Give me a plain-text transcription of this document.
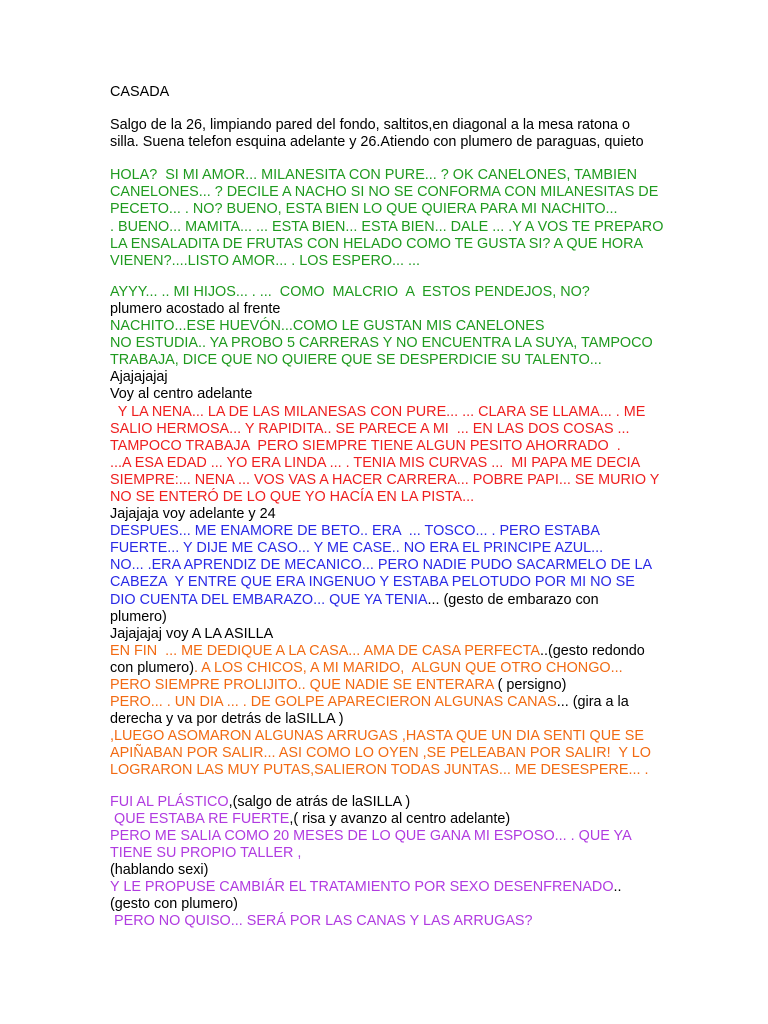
CASADA
Salgo de la 26, limpiando pared del fondo, saltitos,en diagonal a la mesa ratona o
silla. Suena telefon esquina adelante y 26.Atiendo con plumero de paraguas, quieto
HOLA?  SI MI AMOR... MILANESITA CON PURE... ? OK CANELONES, TAMBIEN
CANELONES... ? DECILE A NACHO SI NO SE CONFORMA CON MILANESITAS DE
PECETO... . NO? BUENO, ESTA BIEN LO QUE QUIERA PARA MI NACHITO...
. BUENO... MAMITA... ... ESTA BIEN... ESTA BIEN... DALE ... .Y A VOS TE PREPARO
LA ENSALADITA DE FRUTAS CON HELADO COMO TE GUSTA SI? A QUE HORA
VIENEN?....LISTO AMOR... . LOS ESPERO... ...
AYYY... .. MI HIJOS... . ...  COMO  MALCRIO  A  ESTOS PENDEJOS, NO?
plumero acostado al frente
NACHITO...ESE HUEVÓN...COMO LE GUSTAN MIS CANELONES
NO ESTUDIA.. YA PROBO 5 CARRERAS Y NO ENCUENTRA LA SUYA, TAMPOCO
TRABAJA, DICE QUE NO QUIERE QUE SE DESPERDICIE SU TALENTO...
Ajajajajaj
Voy al centro adelante
Y LA NENA... LA DE LAS MILANESAS CON PURE... ... CLARA SE LLAMA... . ME
SALIO HERMOSA... Y RAPIDITA.. SE PARECE A MI  ... EN LAS DOS COSAS ...
TAMPOCO TRABAJA  PERO SIEMPRE TIENE ALGUN PESITO AHORRADO  .
...A ESA EDAD ... YO ERA LINDA ... . TENIA MIS CURVAS ...  MI PAPA ME DECIA
SIEMPRE:... NENA ... VOS VAS A HACER CARRERA... POBRE PAPI... SE MURIO Y
NO SE ENTERÓ DE LO QUE YO HACÍA EN LA PISTA...
Jajajaja voy adelante y 24
DESPUES... ME ENAMORE DE BETO.. ERA  ... TOSCO... . PERO ESTABA
FUERTE... Y DIJE ME CASO... Y ME CASE.. NO ERA EL PRINCIPE AZUL...
NO... .ERA APRENDIZ DE MECANICO... PERO NADIE PUDO SACARMELO DE LA
CABEZA  Y ENTRE QUE ERA INGENUO Y ESTABA PELOTUDO POR MI NO SE
DIO CUENTA DEL EMBARAZO... QUE YA TENIA... (gesto de embarazo con
plumero)
Jajajajaj voy A LA ASILLA
EN FIN  ... ME DEDIQUE A LA CASA... AMA DE CASA PERFECTA..(gesto redondo
con plumero). A LOS CHICOS, A MI MARIDO,  ALGUN QUE OTRO CHONGO...
PERO SIEMPRE PROLIJITO.. QUE NADIE SE ENTERARA ( persigno)
PERO... . UN DIA ... . DE GOLPE APARECIERON ALGUNAS CANAS... (gira a la
derecha y va por detrás de laSILLA )
,LUEGO ASOMARON ALGUNAS ARRUGAS ,HASTA QUE UN DIA SENTI QUE SE
APIÑABAN POR SALIR... ASI COMO LO OYEN ,SE PELEABAN POR SALIR!  Y LO
LOGRARON LAS MUY PUTAS,SALIERON TODAS JUNTAS... ME DESESPERE... .
FUI AL PLÁSTICO,(salgo de atrás de laSILLA )
QUE ESTABA RE FUERTE,( risa y avanzo al centro adelante)
PERO ME SALIA COMO 20 MESES DE LO QUE GANA MI ESPOSO... . QUE YA
TIENE SU PROPIO TALLER ,
(hablando sexi)
Y LE PROPUSE CAMBIÁR EL TRATAMIENTO POR SEXO DESENFRENADO..
(gesto con plumero)
PERO NO QUISO... SERÁ POR LAS CANAS Y LAS ARRUGAS?
